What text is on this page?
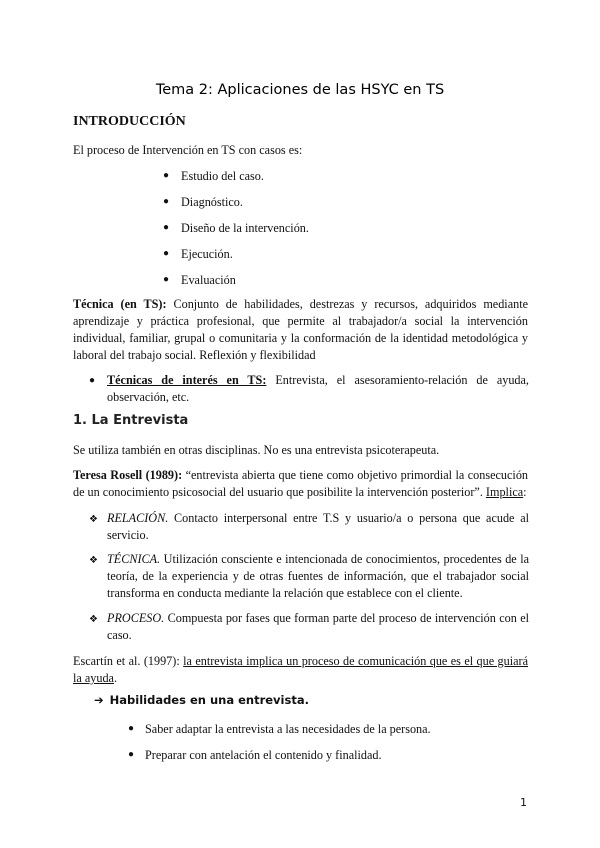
Tema 2: Aplicaciones de las HSYC en TS
INTRODUCCIÓN
El proceso de Intervención en TS con casos es:
● Estudio del caso.
● Diagnóstico.
● Diseño de la intervención.
● Ejecución.
● Evaluación
Técnica (en TS): Conjunto de habilidades, destrezas y recursos, adquiridos mediante aprendizaje y práctica profesional, que permite al trabajador/a social la intervención individual, familiar, grupal o comunitaria y la conformación de la identidad metodológica y laboral del trabajo social. Reflexión y flexibilidad
● Técnicas de interés en TS: Entrevista, el asesoramiento-relación de ayuda, observación, etc.
1. La Entrevista
Se utiliza también en otras disciplinas. No es una entrevista psicoterapeuta.
Teresa Rosell (1989): “entrevista abierta que tiene como objetivo primordial la consecución de un conocimiento psicosocial del usuario que posibilite la intervención posterior”. Implica:
❖ RELACIÓN. Contacto interpersonal entre T.S y usuario/a o persona que acude al servicio.
❖ TÉCNICA. Utilización consciente e intencionada de conocimientos, procedentes de la teoría, de la experiencia y de otras fuentes de información, que el trabajador social transforma en conducta mediante la relación que establece con el cliente.
❖ PROCESO. Compuesta por fases que forman parte del proceso de intervención con el caso.
Escartín et al. (1997): la entrevista implica un proceso de comunicación que es el que guiará la ayuda.
➔ Habilidades en una entrevista.
● Saber adaptar la entrevista a las necesidades de la persona.
● Preparar con antelación el contenido y finalidad.
1
